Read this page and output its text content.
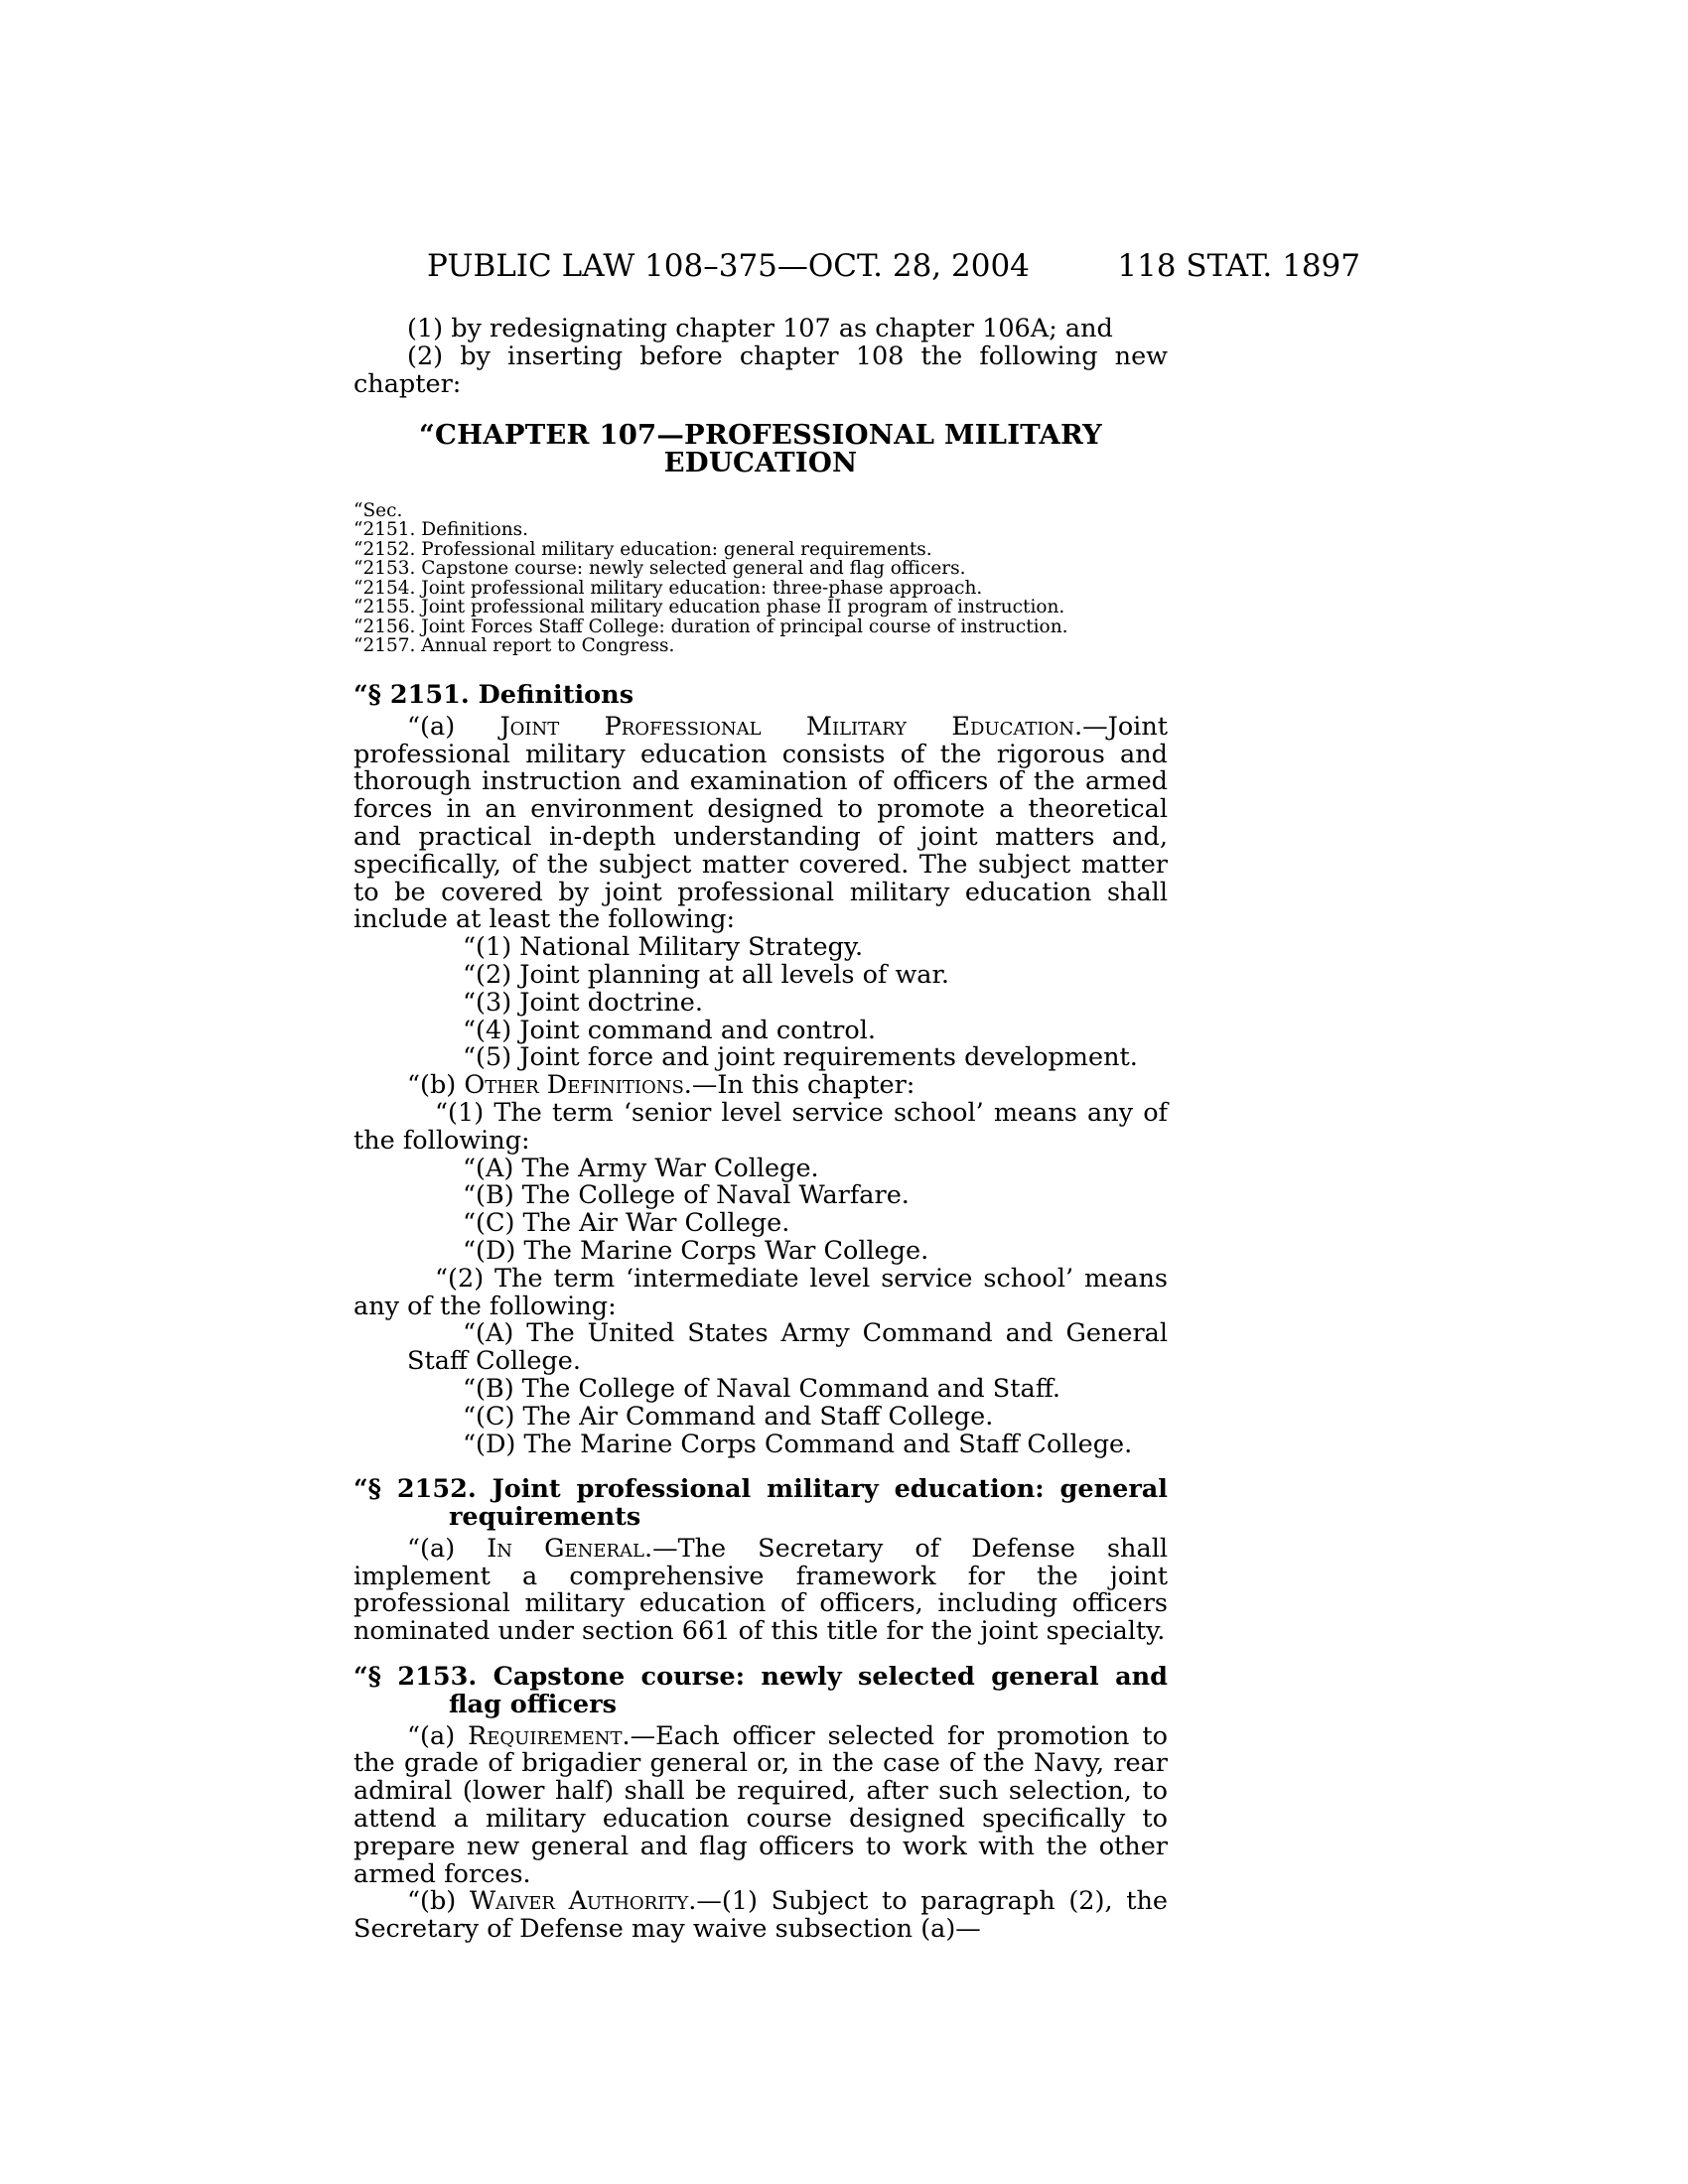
PUBLIC LAW 108–375—OCT. 28, 2004	118 STAT. 1897

(1) by redesignating chapter 107 as chapter 106A; and

(2) by inserting before chapter 108 the following new chapter:

“CHAPTER 107—PROFESSIONAL MILITARY EDUCATION
“Sec.
“2151. Definitions.
“2152. Professional military education: general requirements.
“2153. Capstone course: newly selected general and flag officers.
“2154. Joint professional military education: three-phase approach.
“2155. Joint professional military education phase II program of instruction.
“2156. Joint Forces Staff College: duration of principal course of instruction.
“2157. Annual report to Congress.
“§ 2151. Definitions

“(a) Joint Professional Military Education.—Joint professional military education consists of the rigorous and thorough instruction and examination of officers of the armed forces in an environment designed to promote a theoretical and practical in-depth understanding of joint matters and, specifically, of the subject matter covered. The subject matter to be covered by joint professional military education shall include at least the following:

“(1) National Military Strategy.

“(2) Joint planning at all levels of war.

“(3) Joint doctrine.

“(4) Joint command and control.

“(5) Joint force and joint requirements development.

“(b) Other Definitions.—In this chapter:

“(1) The term ‘senior level service school’ means any of the following:

“(A) The Army War College.

“(B) The College of Naval Warfare.

“(C) The Air War College.

“(D) The Marine Corps War College.

“(2) The term ‘intermediate level service school’ means any of the following:

“(A) The United States Army Command and General Staff College.

“(B) The College of Naval Command and Staff.

“(C) The Air Command and Staff College.

“(D) The Marine Corps Command and Staff College.

“§ 2152. Joint professional military education: general requirements

“(a) In General.—The Secretary of Defense shall implement a comprehensive framework for the joint professional military education of officers, including officers nominated under section 661 of this title for the joint specialty.

“§ 2153. Capstone course: newly selected general and flag officers

“(a) Requirement.—Each officer selected for promotion to the grade of brigadier general or, in the case of the Navy, rear admiral (lower half) shall be required, after such selection, to attend a military education course designed specifically to prepare new general and flag officers to work with the other armed forces.

“(b) Waiver Authority.—(1) Subject to paragraph (2), the Secretary of Defense may waive subsection (a)—
